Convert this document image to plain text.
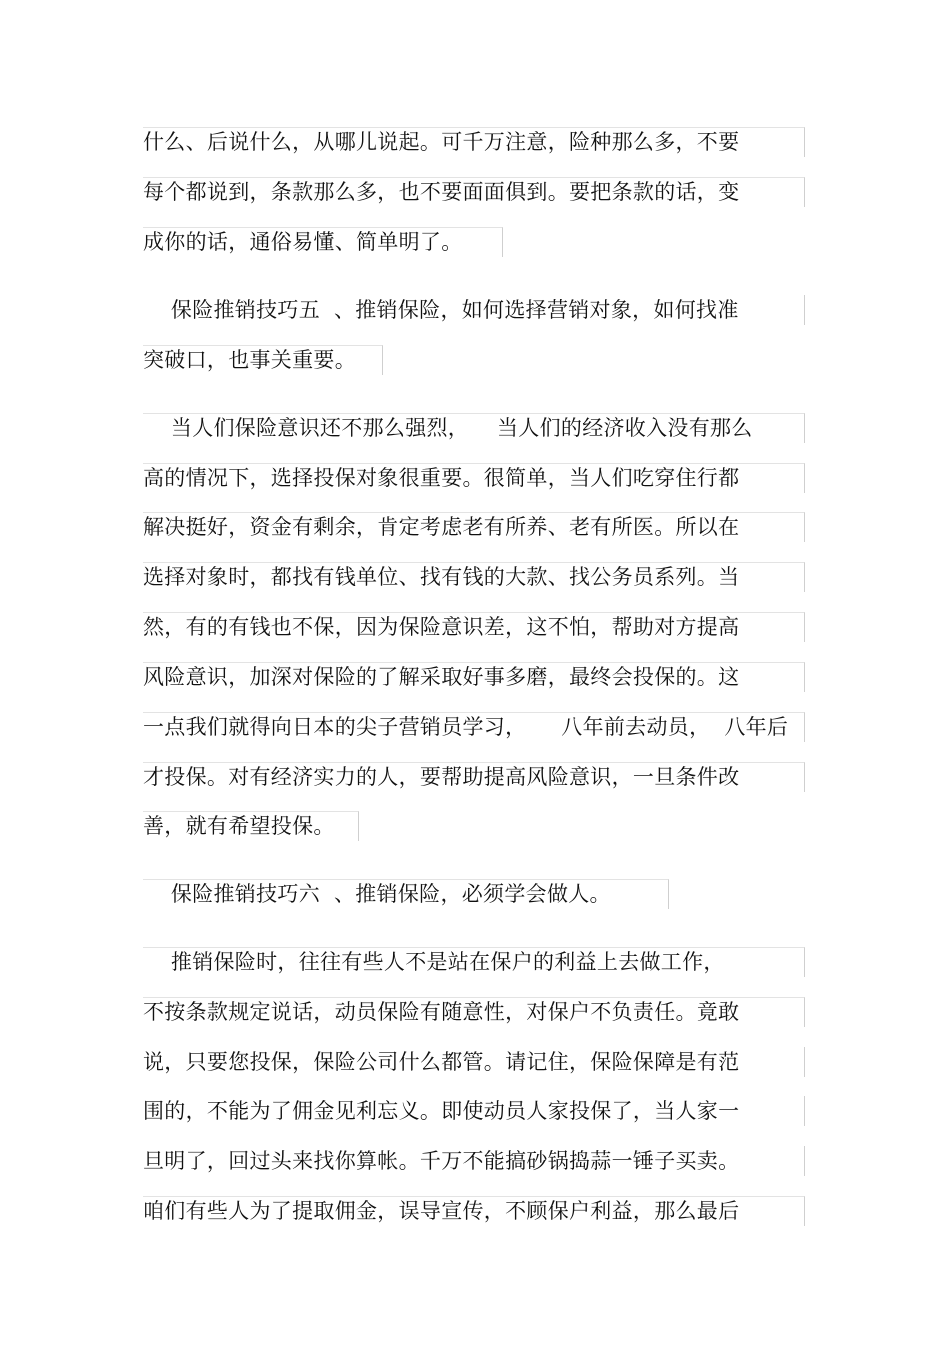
什么、后说什么，从哪儿说起。可千万注意，险种那么多，不要
每个都说到，条款那么多，也不要面面俱到。要把条款的话，变
成你的话，通俗易懂、简单明了。
保险推销技巧五  、推销保险，如何选择营销对象，如何找准
突破口，也事关重要。
当人们保险意识还不那么强烈，    当人们的经济收入没有那么
高的情况下，选择投保对象很重要。很简单，当人们吃穿住行都
解决挺好，资金有剩余，肯定考虑老有所养、老有所医。所以在
选择对象时，都找有钱单位、找有钱的大款、找公务员系列。当
然，有的有钱也不保，因为保险意识差，这不怕，帮助对方提高
风险意识，加深对保险的了解采取好事多磨，最终会投保的。这
一点我们就得向日本的尖子营销员学习，     八年前去动员，  八年后
才投保。对有经济实力的人，要帮助提高风险意识，一旦条件改
善，就有希望投保。
保险推销技巧六  、推销保险，必须学会做人。
推销保险时，往往有些人不是站在保户的利益上去做工作，
不按条款规定说话，动员保险有随意性，对保户不负责任。竟敢
说，只要您投保，保险公司什么都管。请记住，保险保障是有范
围的，不能为了佣金见利忘义。即使动员人家投保了，当人家一
旦明了，回过头来找你算帐。千万不能搞砂锅捣蒜一锤子买卖。
咱们有些人为了提取佣金，误导宣传，不顾保户利益，那么最后
